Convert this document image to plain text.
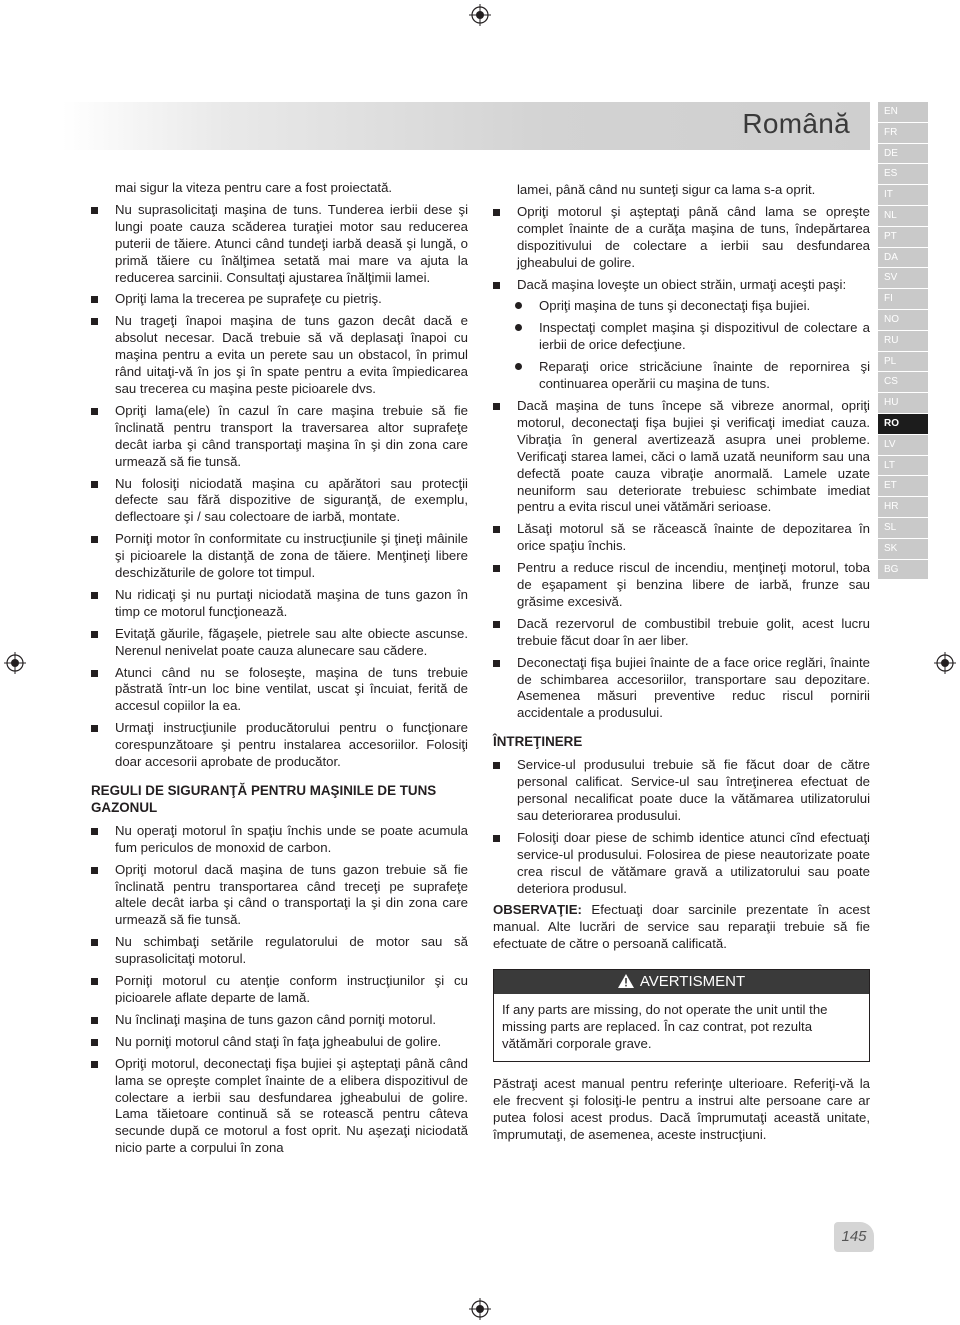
Română	EN
FR
DE
ES
IT
NL
PT
DA
SV
FI
NO
RU
PL
CS
HU
RO
LV
LT
ET
HR
SL
SK
BG
mai sigur la viteza pentru care a fost proiectată.
Nu suprasolicitaţi maşina de tuns. Tunderea ierbii dese şi lungi poate cauza scăderea turaţiei motor sau reducerea puterii de tăiere. Atunci când tundeţi iarbă deasă şi lungă, o primă tăiere cu înălţimea setată mai mare va ajuta la reducerea sarcinii. Consultaţi ajustarea înălţimii lamei.
Opriţi lama la trecerea pe suprafeţe cu pietriş.
Nu trageţi înapoi maşina de tuns gazon decât dacă e absolut necesar. Dacă trebuie să vă deplasaţi înapoi cu maşina pentru a evita un perete sau un obstacol, în primul rând uitaţi-vă în jos şi în spate pentru a evita împiedicarea sau trecerea cu maşina peste picioarele dvs.
Opriţi lama(ele) în cazul în care maşina trebuie să fie înclinată pentru transport la traversarea altor suprafeţe decât iarba şi când transportaţi maşina în şi din zona care urmează să fie tunsă.
Nu folosiţi niciodată maşina cu apărători sau protecţii defecte sau fără dispozitive de siguranţă, de exemplu, deflectoare şi / sau colectoare de iarbă, montate.
Porniţi motor în conformitate cu instrucţiunile şi ţineţi mâinile şi picioarele la distanţă de zona de tăiere. Menţineţi libere deschizăturile de golore tot timpul.
Nu ridicaţi şi nu purtaţi niciodată maşina de tuns gazon în timp ce motorul funcţionează.
Evitaţă găurile, făgaşele, pietrele sau alte obiecte ascunse. Nerenul nenivelat poate cauza alunecare sau cădere.
Atunci când nu se foloseşte, maşina de tuns trebuie păstrată într-un loc bine ventilat, uscat şi încuiat, ferită de accesul copiilor la ea.
Urmaţi instrucţiunile producătorului pentru o funcţionare corespunzătoare şi pentru instalarea accesoriilor. Folosiţi doar accesorii aprobate de producător.
REGULI DE SIGURANŢĂ PENTRU MAŞINILE DE TUNS GAZONUL
Nu operaţi motorul în spaţiu închis unde se poate acumula fum periculos de monoxid de carbon.
Opriţi motorul dacă maşina de tuns gazon trebuie să fie înclinată pentru transportarea când treceţi pe suprafeţe altele decât iarba şi când o transportaţi la şi din zona care urmează să fie tunsă.
Nu schimbaţi setările regulatorului de motor sau să suprasolicitaţi motorul.
Porniţi motorul cu atenţie conform instrucţiunilor şi cu picioarele aflate departe de lamă.
Nu înclinaţi maşina de tuns gazon când porniţi motorul.
Nu porniţi motorul când staţi în faţa jgheabului de golire.
Opriţi motorul, deconectaţi fişa bujiei şi aşteptaţi până când lama se opreşte complet înainte de a elibera dispozitivul de colectare a ierbii sau desfundarea jgheabului de golire. Lama tăietoare continuă să se rotească pentru câteva secunde după ce motorul a fost oprit. Nu aşezaţi niciodată nicio parte a corpului în zona
lamei, până când nu sunteţi sigur ca lama s-a oprit.
Opriţi motorul şi aşteptaţi până când lama se opreşte complet înainte de a curăţa maşina de tuns, îndepărtarea dispozitivului de colectare a ierbii sau desfundarea jgheabului de golire.
Dacă maşina loveşte un obiect străin, urmaţi aceşti paşi:
Opriţi maşina de tuns şi deconectaţi fişa bujiei.
Inspectaţi complet maşina şi dispozitivul de colectare a ierbii de orice defecţiune.
Reparaţi orice stricăciune înainte de repornirea şi continuarea operării cu maşina de tuns.
Dacă maşina de tuns începe să vibreze anormal, opriţi motorul, deconectaţi fişa bujiei şi verificaţi imediat cauza. Vibraţia în general avertizează asupra unei probleme. Verificaţi starea lamei, căci o lamă uzată neuniform sau una defectă poate cauza vibraţie anormală. Lamele uzate neuniform sau deteriorate trebuiesc schimbate imediat pentru a evita riscul unei vătămări serioase.
Lăsaţi motorul să se răcească înainte de depozitarea în orice spaţiu închis.
Pentru a reduce riscul de incendiu, menţineţi motorul, toba de eşapament şi benzina libere de iarbă, frunze sau grăsime excesivă.
Dacă rezervorul de combustibil trebuie golit, acest lucru trebuie făcut doar în aer liber.
Deconectaţi fişa bujiei înainte de a face orice reglări, înainte de schimbarea accesoriilor, transportare sau depozitare. Asemenea măsuri preventive reduc riscul pornirii accidentale a produsului.
ÎNTREŢINERE
Service-ul produsului trebuie să fie făcut doar de către personal calificat. Service-ul sau întreţinerea efectuat de personal necalificat poate duce la vătămarea utilizatorului sau deteriorarea produsului.
Folosiţi doar piese de schimb identice atunci cînd efectuaţi service-ul produsului. Folosirea de piese neautorizate poate crea riscul de vătămare gravă a utilizatorului sau poate deteriora produsul.
OBSERVAŢIE: Efectuaţi doar sarcinile prezentate în acest manual. Alte lucrări de service sau reparaţii trebuie să fie efectuate de către o persoană calificată.
AVERTISMENT
If any parts are missing, do not operate the unit until the missing parts are replaced. În caz contrat, pot rezulta vătămări corporale grave.
Păstraţi acest manual pentru referinţe ulterioare. Referiţi-vă la ele frecvent şi folosiţi-le pentru a instrui alte persoane care ar putea folosi acest produs. Dacă împrumutaţi această unitate, împrumutaţi, de asemenea, aceste instrucţiuni.
145
